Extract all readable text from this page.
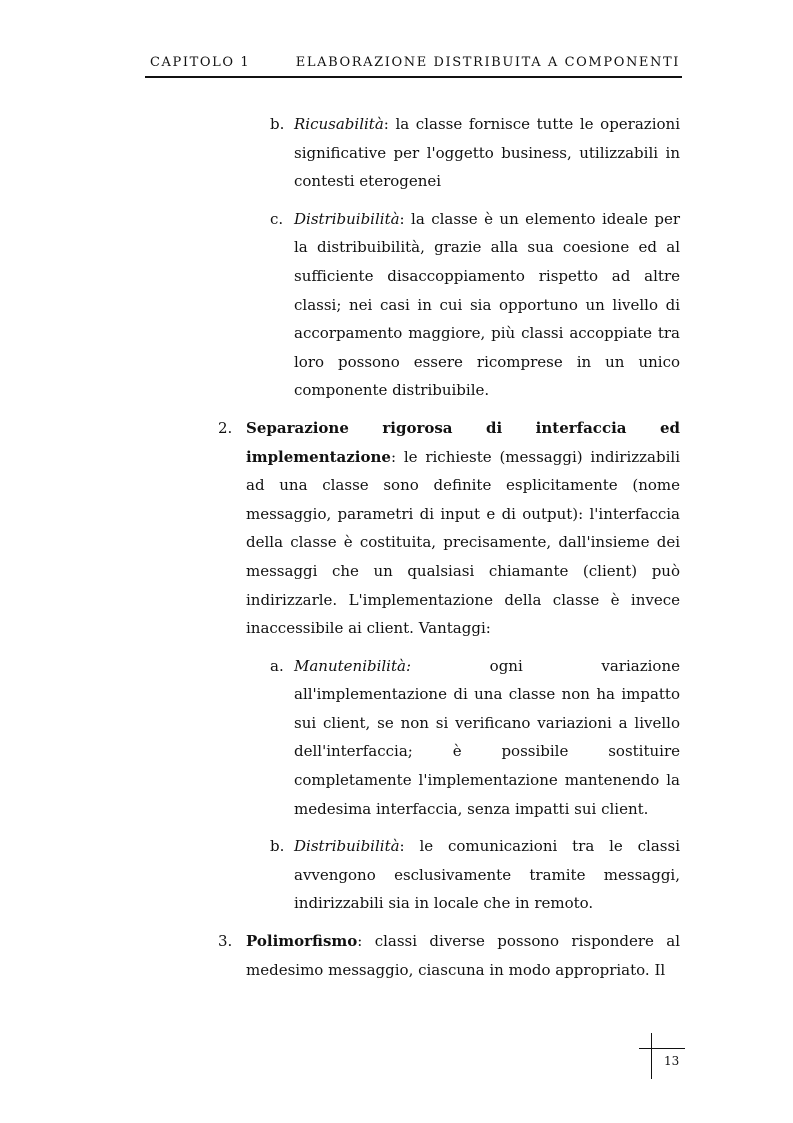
CAPITOLO 1	ELABORAZIONE DISTRIBUITA A COMPONENTI
b. Ricusabilità: la classe fornisce tutte le operazioni significative per l'oggetto business, utilizzabili in contesti eterogenei
c. Distribuibilità: la classe è un elemento ideale per la distribuibilità, grazie alla sua coesione ed al sufficiente disaccoppiamento rispetto ad altre classi; nei casi in cui sia opportuno un livello di accorpamento maggiore, più classi accoppiate tra loro possono essere ricomprese in un unico componente distribuibile.
2. Separazione rigorosa di interfaccia ed implementazione: le richieste (messaggi) indirizzabili ad una classe sono definite esplicitamente (nome messaggio, parametri di input e di output): l'interfaccia della classe è costituita, precisamente, dall'insieme dei messaggi che un qualsiasi chiamante (client) può indirizzarle. L'implementazione della classe è invece inaccessibile ai client. Vantaggi:
a. Manutenibilità: ogni variazione all'implementazione di una classe non ha impatto sui client, se non si verificano variazioni a livello dell'interfaccia; è possibile sostituire completamente l'implementazione mantenendo la medesima interfaccia, senza impatti sui client.
b. Distribuibilità: le comunicazioni tra le classi avvengono esclusivamente tramite messaggi, indirizzabili sia in locale che in remoto.
3. Polimorfismo: classi diverse possono rispondere al medesimo messaggio, ciascuna in modo appropriato. Il
13
